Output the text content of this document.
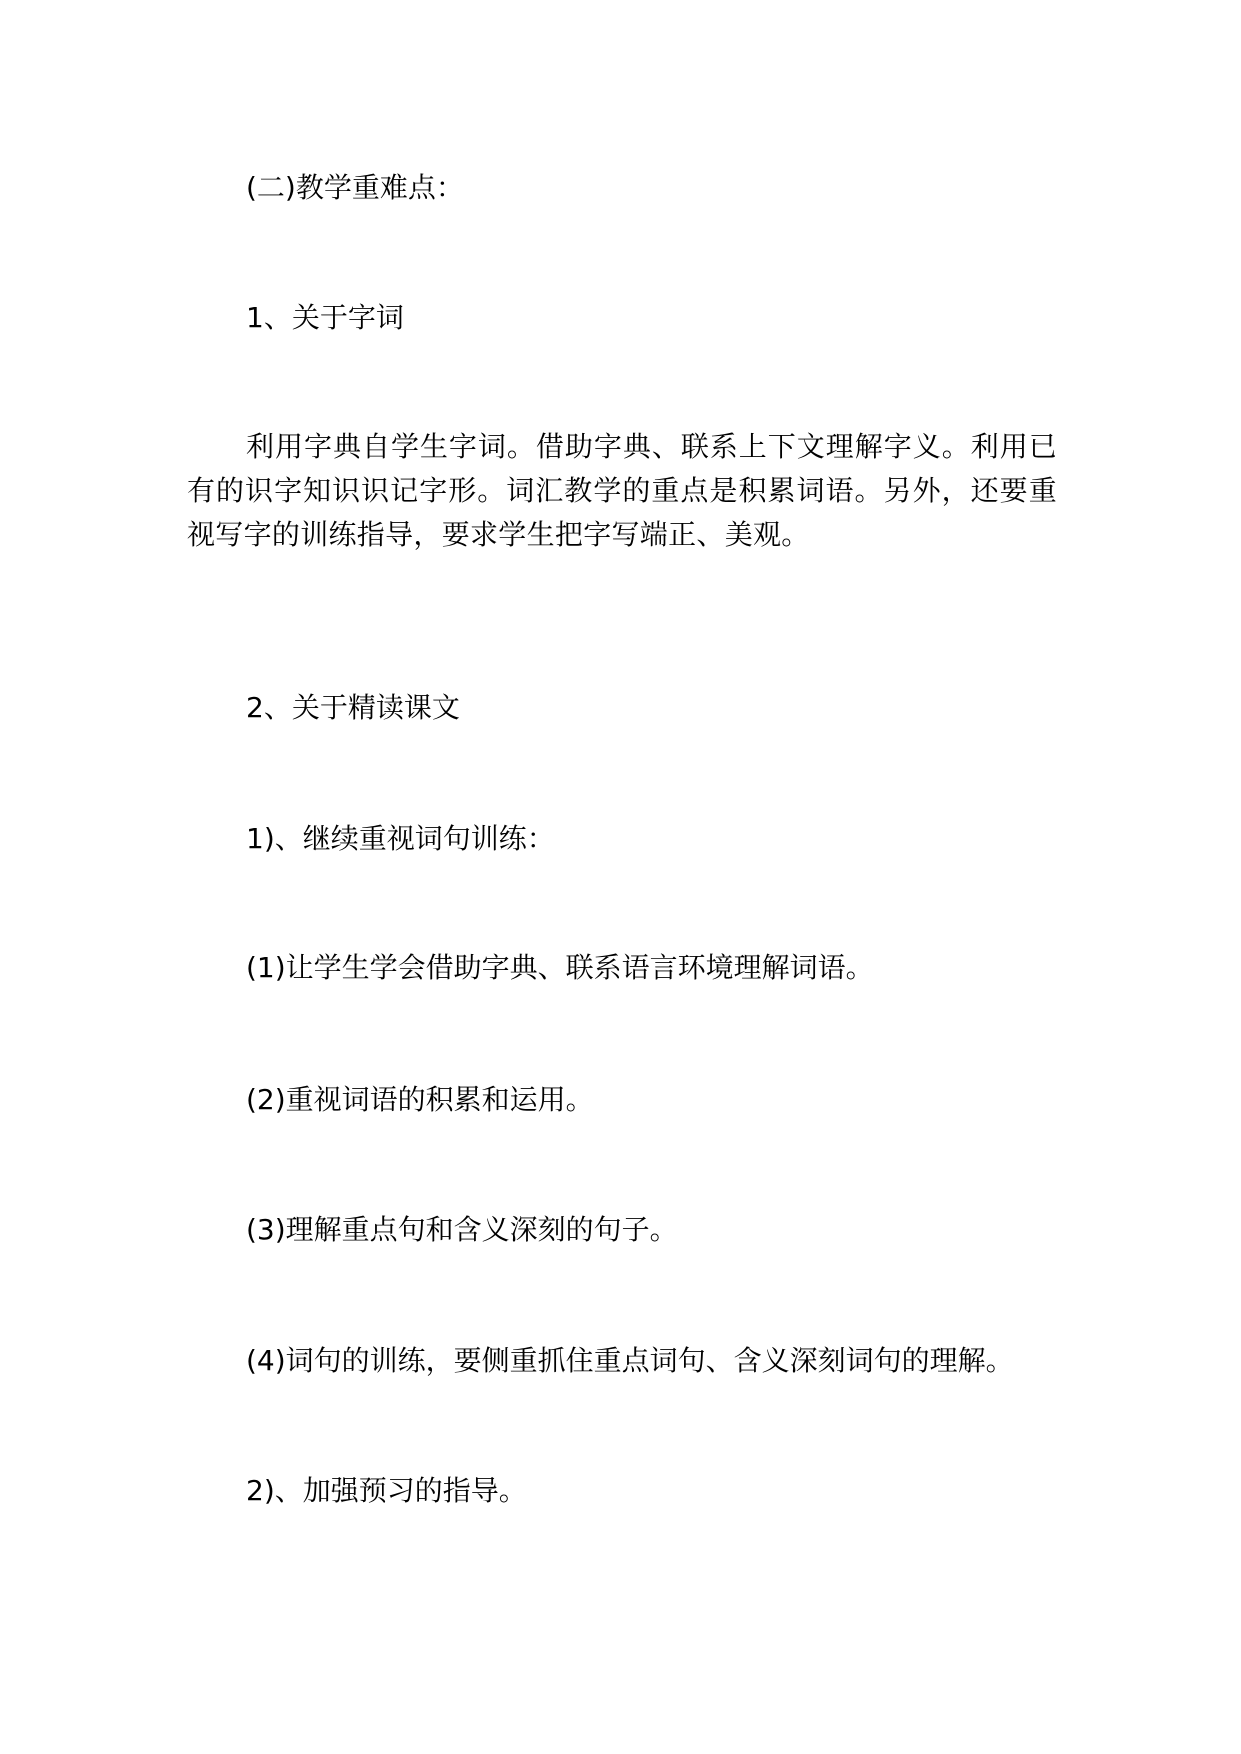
(二)教学重难点：

1、关于字词

利用字典自学生字词。借助字典、联系上下文理解字义。利用已有的识字知识识记字形。词汇教学的重点是积累词语。另外，还要重视写字的训练指导，要求学生把字写端正、美观。

2、关于精读课文

1)、继续重视词句训练：

(1)让学生学会借助字典、联系语言环境理解词语。

(2)重视词语的积累和运用。

(3)理解重点句和含义深刻的句子。

(4)词句的训练，要侧重抓住重点词句、含义深刻词句的理解。

2)、加强预习的指导。
